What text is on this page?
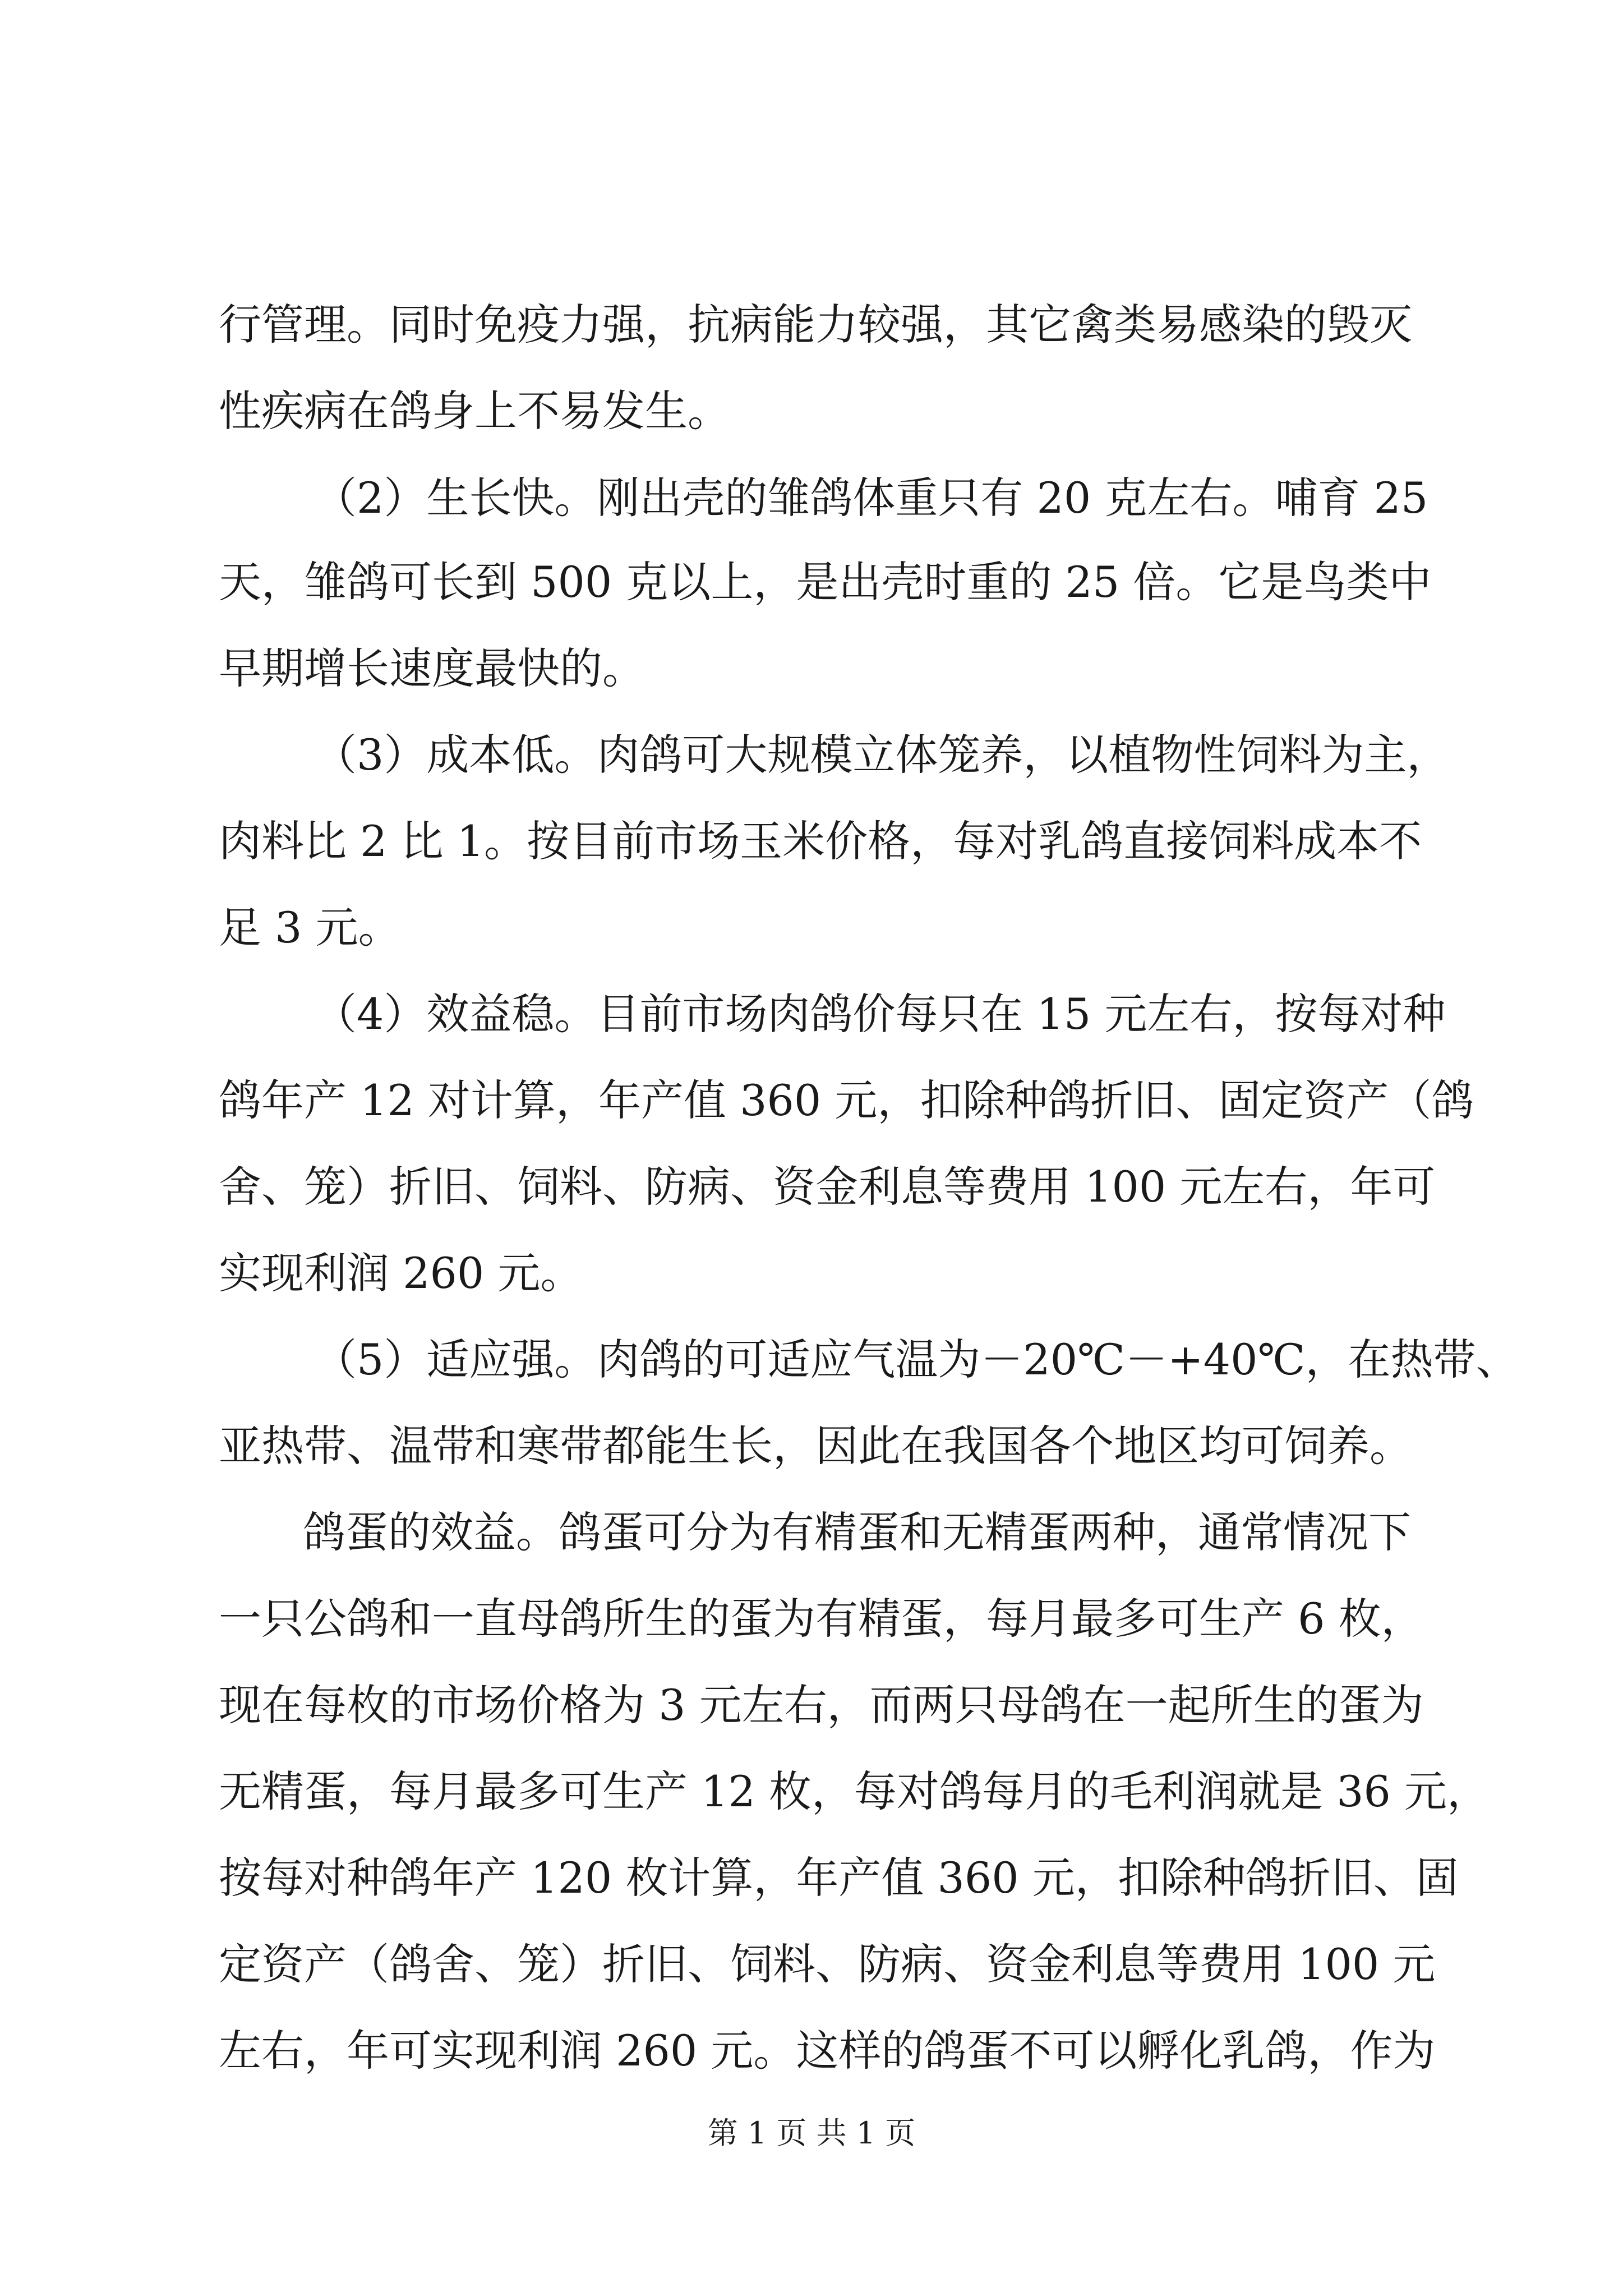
行管理。同时免疫力强，抗病能力较强，其它禽类易感染的毁灭
性疾病在鸽身上不易发生。
（2）生长快。刚出壳的雏鸽体重只有 20 克左右。哺育 25
天，雏鸽可长到 500 克以上，是出壳时重的 25 倍。它是鸟类中
早期增长速度最快的。
（3）成本低。肉鸽可大规模立体笼养，以植物性饲料为主，
肉料比 2 比 1。按目前市场玉米价格，每对乳鸽直接饲料成本不
足 3 元。
（4）效益稳。目前市场肉鸽价每只在 15 元左右，按每对种
鸽年产 12 对计算，年产值 360 元，扣除种鸽折旧、固定资产（鸽
舍、笼）折旧、饲料、防病、资金利息等费用 100 元左右，年可
实现利润 260 元。
（5）适应强。肉鸽的可适应气温为－20℃－+40℃，在热带、
亚热带、温带和寒带都能生长，因此在我国各个地区均可饲养。
鸽蛋的效益。鸽蛋可分为有精蛋和无精蛋两种，通常情况下
一只公鸽和一直母鸽所生的蛋为有精蛋，每月最多可生产 6 枚，
现在每枚的市场价格为 3 元左右，而两只母鸽在一起所生的蛋为
无精蛋，每月最多可生产 12 枚，每对鸽每月的毛利润就是 36 元，
按每对种鸽年产 120 枚计算，年产值 360 元，扣除种鸽折旧、固
定资产（鸽舍、笼）折旧、饲料、防病、资金利息等费用 100 元
左右，年可实现利润 260 元。这样的鸽蛋不可以孵化乳鸽，作为
第 1 页 共 1 页
